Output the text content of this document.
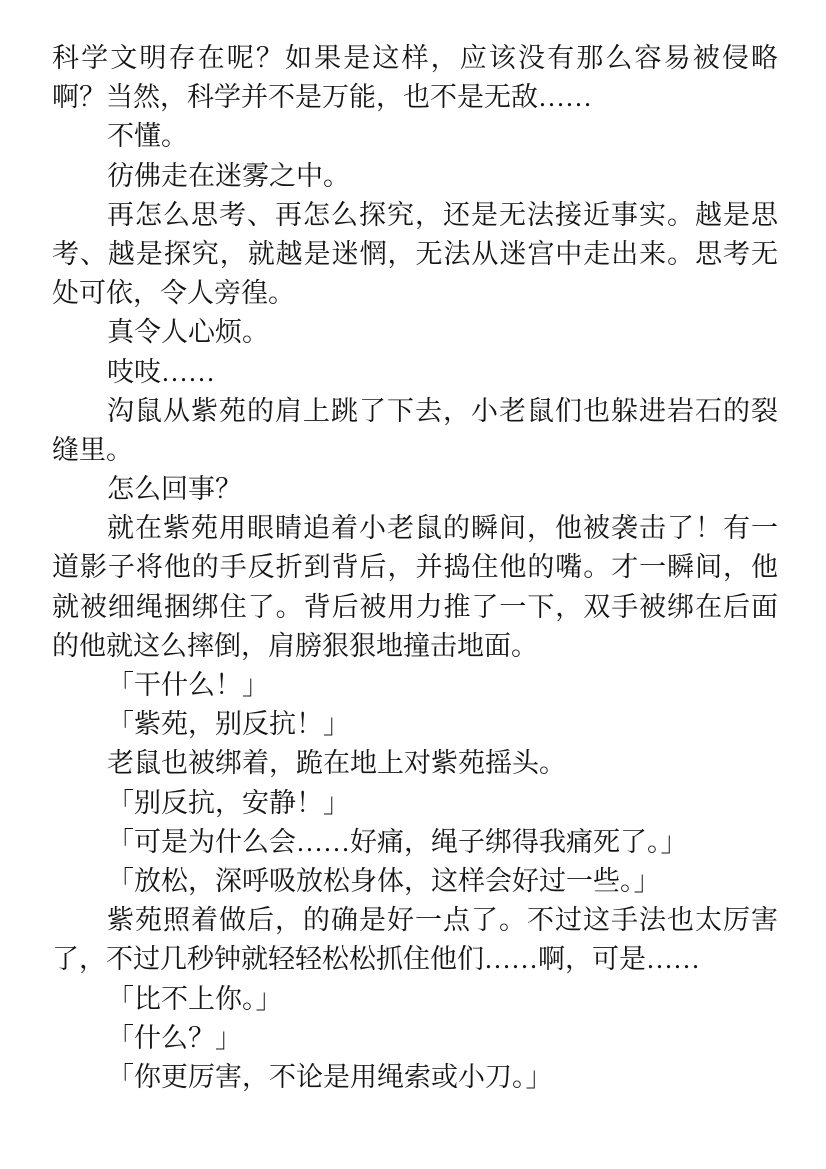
科学文明存在呢？如果是这样，应该没有那么容易被侵略
啊？当然，科学并不是万能，也不是无敌……
不懂。
彷佛走在迷雾之中。
再怎么思考、再怎么探究，还是无法接近事实。越是思
考、越是探究，就越是迷惘，无法从迷宫中走出来。思考无
处可依，令人旁徨。
真令人心烦。
吱吱……
沟鼠从紫苑的肩上跳了下去，小老鼠们也躲进岩石的裂
缝里。
怎么回事？
就在紫苑用眼睛追着小老鼠的瞬间，他被袭击了！有一
道影子将他的手反折到背后，并捣住他的嘴。才一瞬间，他
就被细绳捆绑住了。背后被用力推了一下，双手被绑在后面
的他就这么摔倒，肩膀狠狠地撞击地面。
「干什么！」
「紫苑，别反抗！」
老鼠也被绑着，跪在地上对紫苑摇头。
「别反抗，安静！」
「可是为什么会……好痛，绳子绑得我痛死了。」
「放松，深呼吸放松身体，这样会好过一些。」
紫苑照着做后，的确是好一点了。不过这手法也太厉害
了，不过几秒钟就轻轻松松抓住他们……啊，可是……
「比不上你。」
「什么？」
「你更厉害，不论是用绳索或小刀。」
